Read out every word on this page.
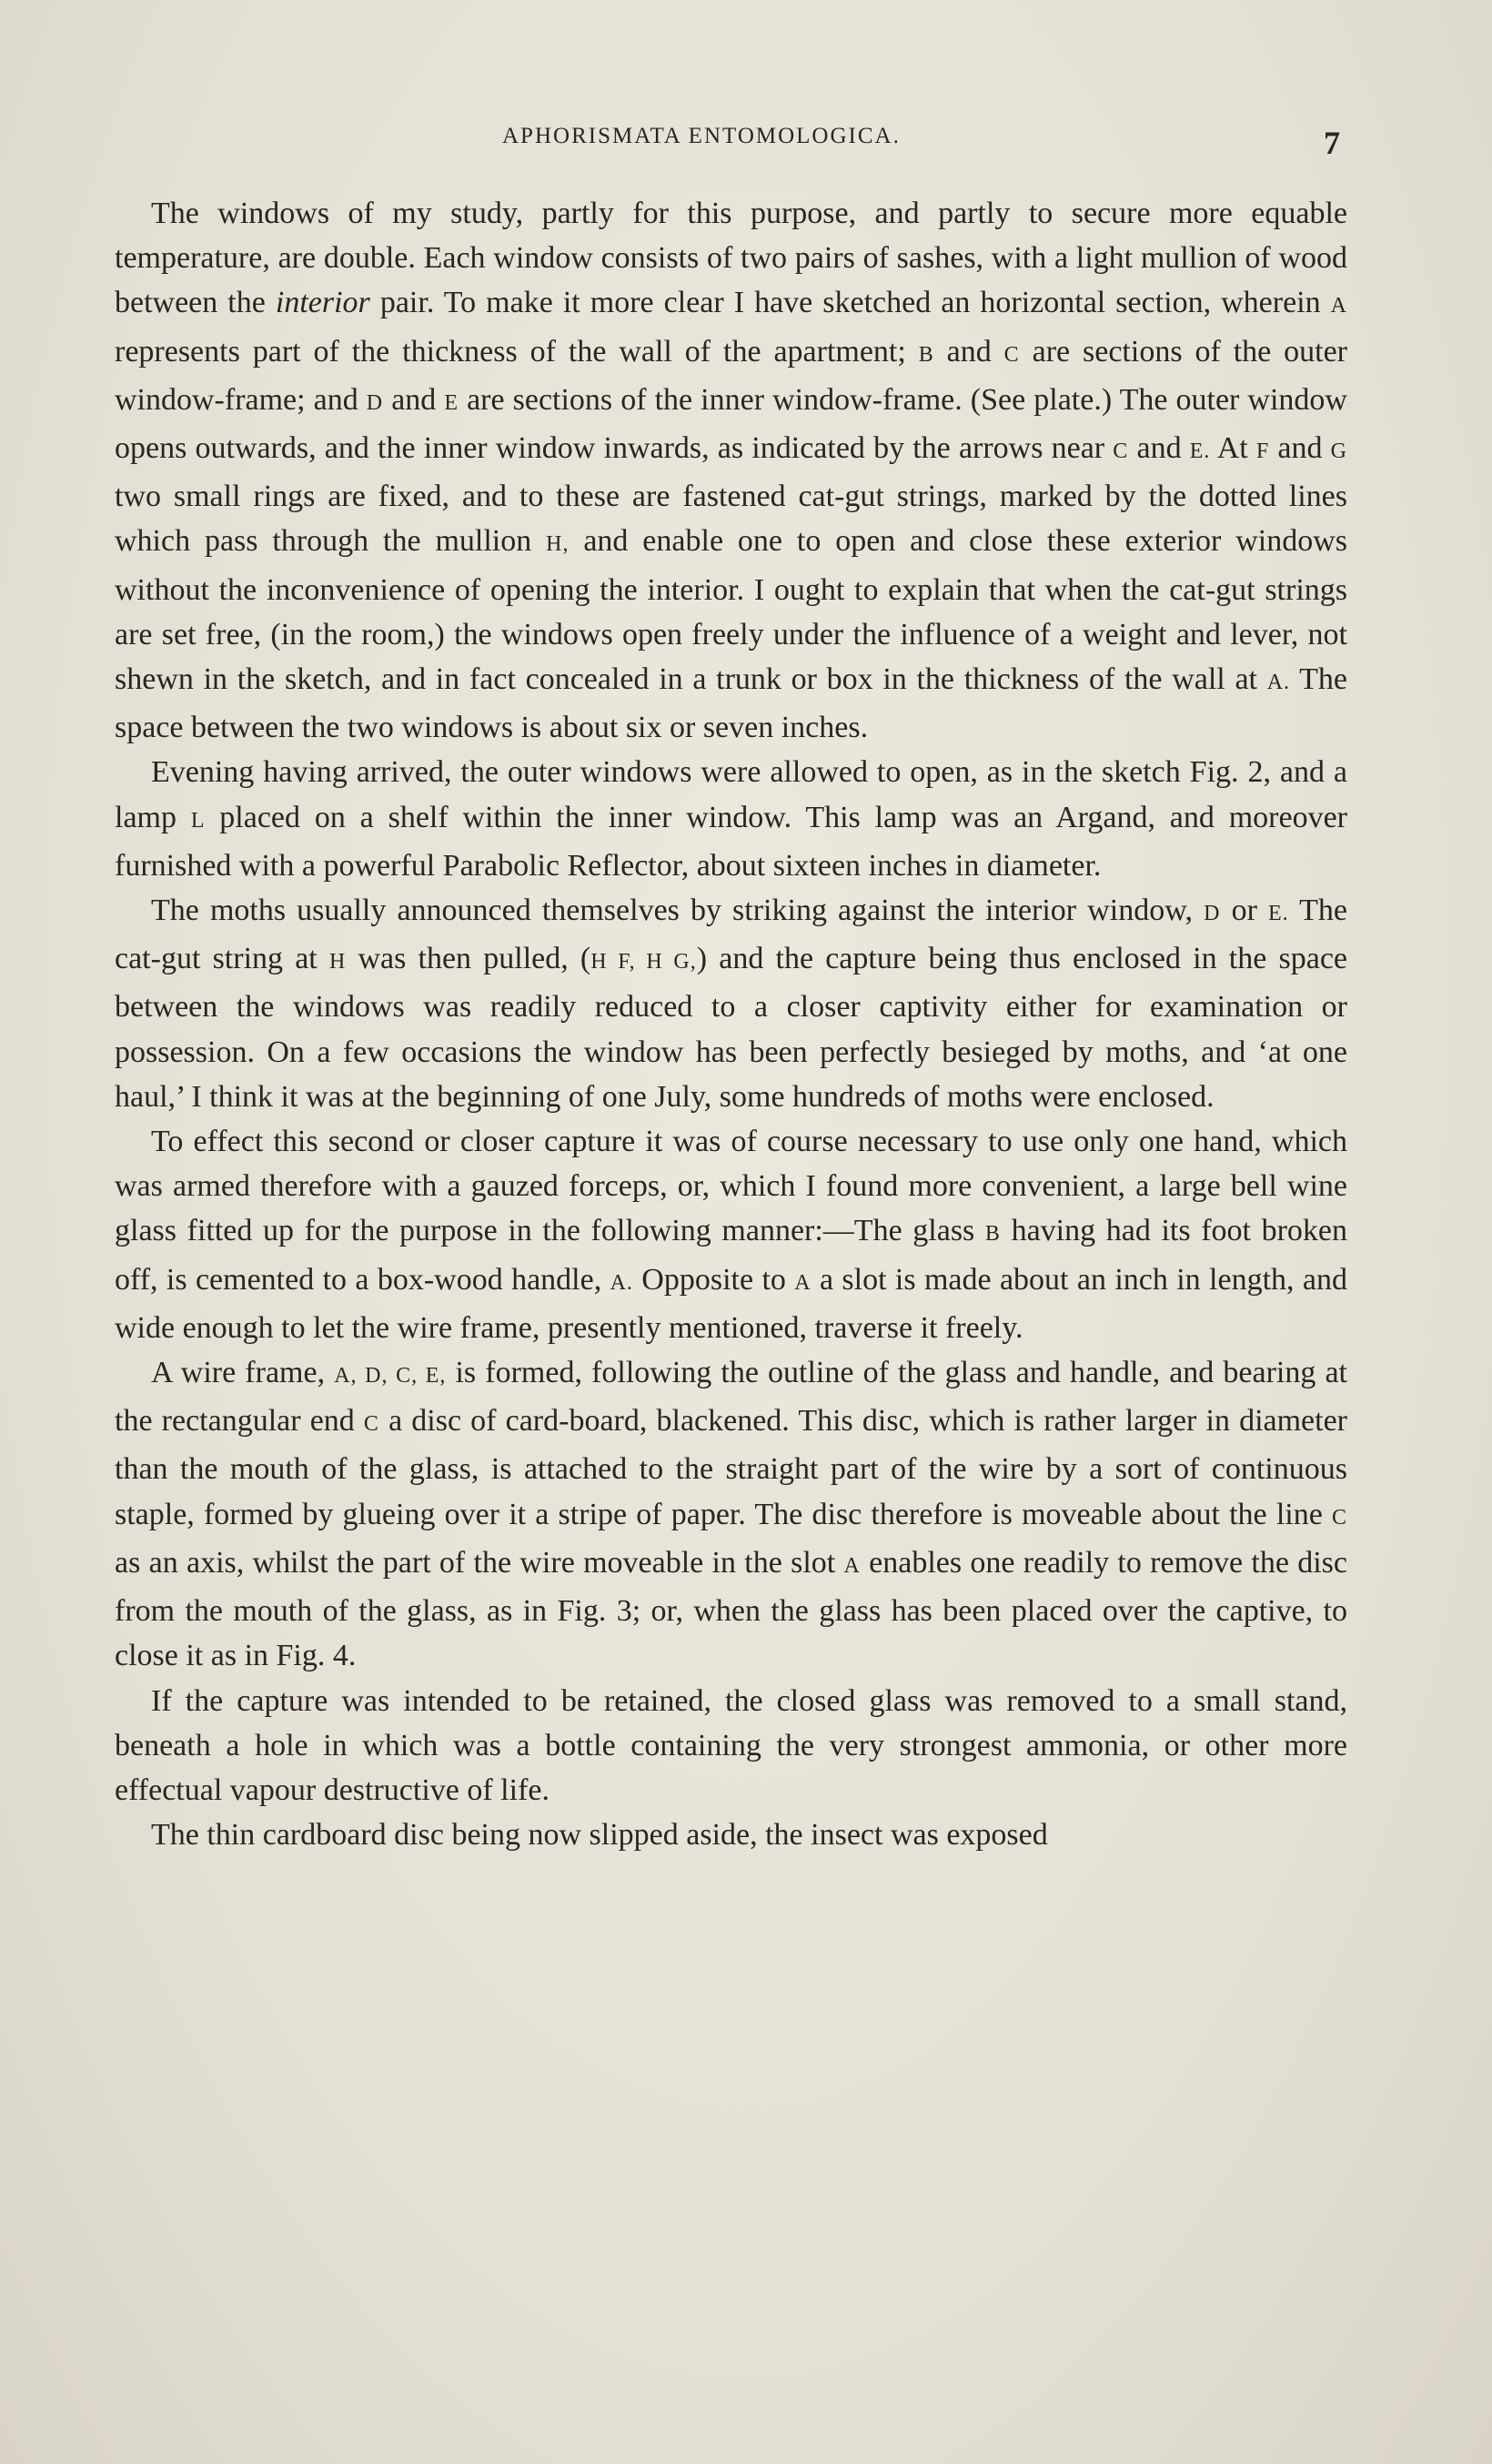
APHORISMATA ENTOMOLOGICA.	7

The windows of my study, partly for this purpose, and partly to secure more equable temperature, are double. Each window consists of two pairs of sashes, with a light mullion of wood between the interior pair. To make it more clear I have sketched an horizontal section, wherein A represents part of the thickness of the wall of the apartment; B and C are sections of the outer window-frame; and D and E are sections of the inner window-frame. (See plate.) The outer window opens outwards, and the inner window inwards, as indicated by the arrows near C and E. At F and G two small rings are fixed, and to these are fastened cat-gut strings, marked by the dotted lines which pass through the mullion H, and enable one to open and close these exterior windows without the inconvenience of opening the interior. I ought to explain that when the cat-gut strings are set free, (in the room,) the windows open freely under the influence of a weight and lever, not shewn in the sketch, and in fact concealed in a trunk or box in the thickness of the wall at A. The space between the two windows is about six or seven inches.

Evening having arrived, the outer windows were allowed to open, as in the sketch Fig. 2, and a lamp L placed on a shelf within the inner window. This lamp was an Argand, and moreover furnished with a powerful Parabolic Reflector, about sixteen inches in diameter.

The moths usually announced themselves by striking against the interior window, D or E. The cat-gut string at H was then pulled, (H F, H G,) and the capture being thus enclosed in the space between the windows was readily reduced to a closer captivity either for examination or possession. On a few occasions the window has been perfectly besieged by moths, and ‘at one haul,’ I think it was at the beginning of one July, some hundreds of moths were enclosed.

To effect this second or closer capture it was of course necessary to use only one hand, which was armed therefore with a gauzed forceps, or, which I found more convenient, a large bell wine glass fitted up for the purpose in the following manner:—The glass B having had its foot broken off, is cemented to a box-wood handle, A. Opposite to A a slot is made about an inch in length, and wide enough to let the wire frame, presently mentioned, traverse it freely.

A wire frame, A, D, C, E, is formed, following the outline of the glass and handle, and bearing at the rectangular end C a disc of card-board, blackened. This disc, which is rather larger in diameter than the mouth of the glass, is attached to the straight part of the wire by a sort of continuous staple, formed by glueing over it a stripe of paper. The disc therefore is moveable about the line C as an axis, whilst the part of the wire moveable in the slot A enables one readily to remove the disc from the mouth of the glass, as in Fig. 3; or, when the glass has been placed over the captive, to close it as in Fig. 4.

If the capture was intended to be retained, the closed glass was removed to a small stand, beneath a hole in which was a bottle containing the very strongest ammonia, or other more effectual vapour destructive of life.

The thin cardboard disc being now slipped aside, the insect was exposed
